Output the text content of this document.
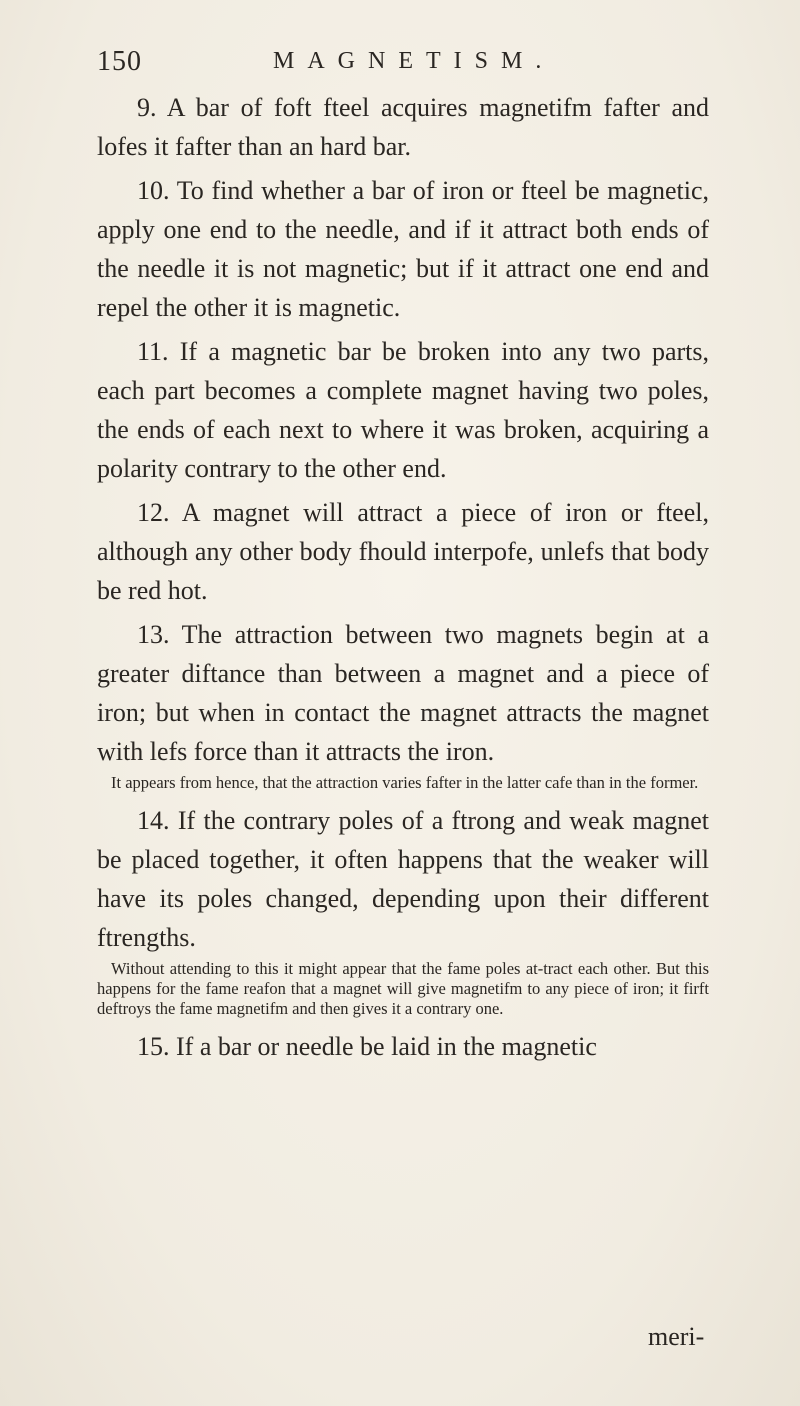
150	MAGNETISM.

9. A bar of foft fteel acquires magnetifm fafter and lofes it fafter than an hard bar.

10. To find whether a bar of iron or fteel be magnetic, apply one end to the needle, and if it attract both ends of the needle it is not magnetic; but if it attract one end and repel the other it is magnetic.

11. If a magnetic bar be broken into any two parts, each part becomes a complete magnet having two poles, the ends of each next to where it was broken, acquiring a polarity contrary to the other end.

12. A magnet will attract a piece of iron or fteel, although any other body fhould interpofe, unlefs that body be red hot.

13. The attraction between two magnets begin at a greater diftance than between a magnet and a piece of iron; but when in contact the magnet attracts the magnet with lefs force than it attracts the iron.

It appears from hence, that the attraction varies fafter in the latter cafe than in the former.

14. If the contrary poles of a ftrong and weak magnet be placed together, it often happens that the weaker will have its poles changed, depending upon their different ftrengths.

Without attending to this it might appear that the fame poles at-tract each other. But this happens for the fame reafon that a magnet will give magnetifm to any piece of iron; it firft deftroys the fame magnetifm and then gives it a contrary one.

15. If a bar or needle be laid in the magnetic

meri-
